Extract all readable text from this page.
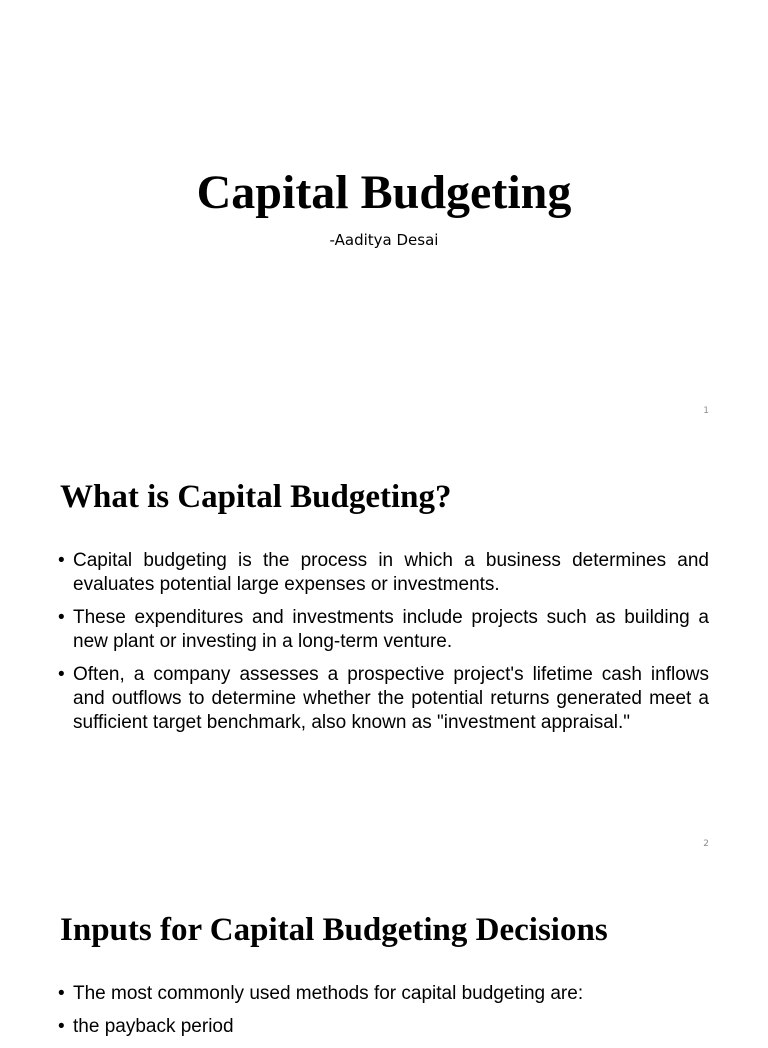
Capital Budgeting
-Aaditya Desai
1
What is Capital Budgeting?
• Capital budgeting is the process in which a business determines and evaluates potential large expenses or investments.
• These expenditures and investments include projects such as building a new plant or investing in a long-term venture.
• Often, a company assesses a prospective project's lifetime cash inflows and outflows to determine whether the potential returns generated meet a sufficient target benchmark, also known as "investment appraisal."
2
Inputs for Capital Budgeting Decisions
• The most commonly used methods for capital budgeting are:
• the payback period
